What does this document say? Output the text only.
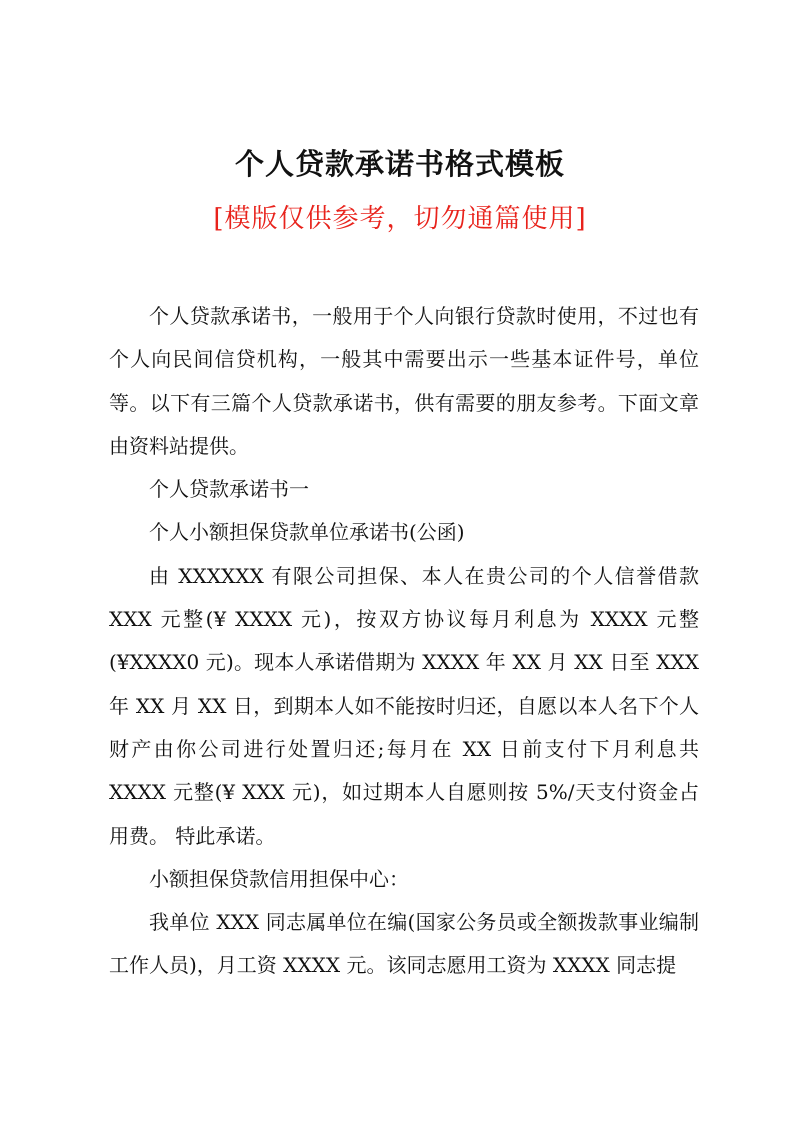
个人贷款承诺书格式模板
[模版仅供参考，切勿通篇使用]

个人贷款承诺书，一般用于个人向银行贷款时使用，不过也有个人向民间信贷机构，一般其中需要出示一些基本证件号，单位等。以下有三篇个人贷款承诺书，供有需要的朋友参考。下面文章由资料站提供。

个人贷款承诺书一

个人小额担保贷款单位承诺书(公函)

由 XXXXXX 有限公司担保、本人在贵公司的个人信誉借款 XXX 元整(¥ XXXX 元)，按双方协议每月利息为 XXXX 元整(¥XXXX0 元)。现本人承诺借期为 XXXX 年 XX 月 XX 日至 XXX 年 XX 月 XX 日，到期本人如不能按时归还，自愿以本人名下个人财产由你公司进行处置归还;每月在 XX 日前支付下月利息共 XXXX 元整(¥ XXX 元)，如过期本人自愿则按 5%/天支付资金占用费。 特此承诺。

小额担保贷款信用担保中心：

我单位 XXX 同志属单位在编(国家公务员或全额拨款事业编制工作人员)，月工资 XXXX 元。该同志愿用工资为 XXXX 同志提
